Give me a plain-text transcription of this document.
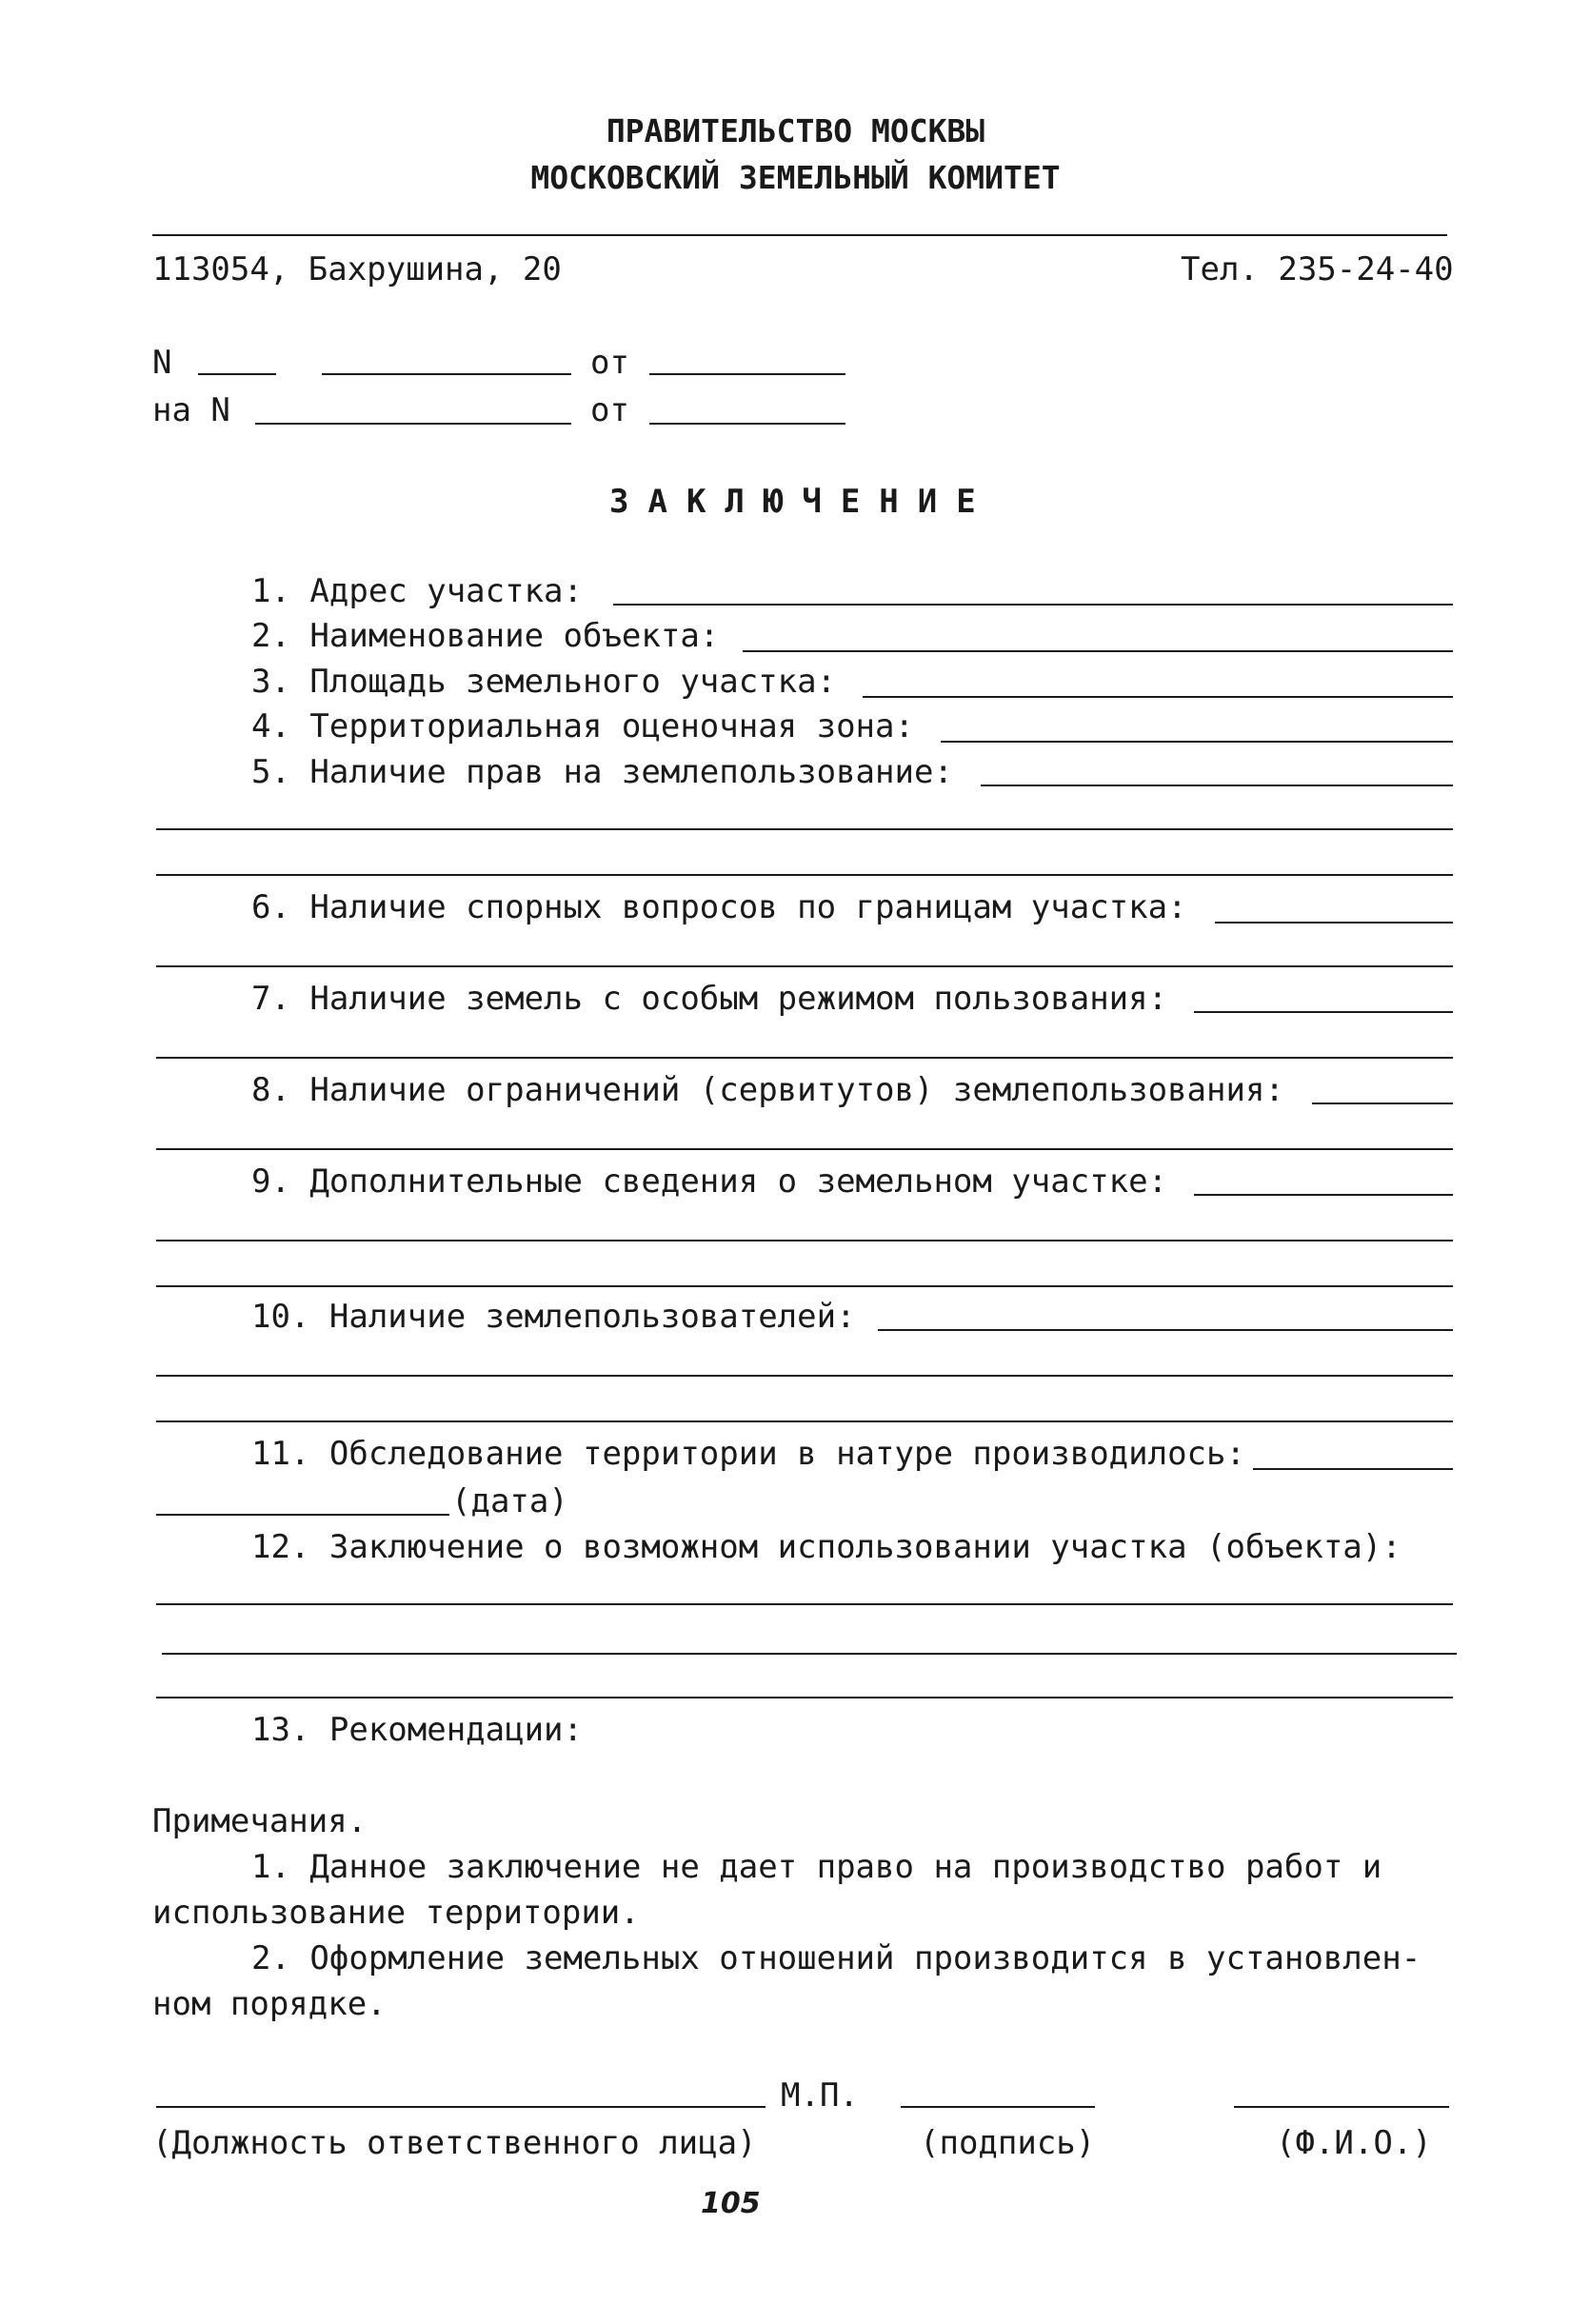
ПРАВИТЕЛЬСТВО МОСКВЫ
МОСКОВСКИЙ ЗЕМЕЛЬНЫЙ КОМИТЕТ
113054, Бахрушина, 20	Тел. 235-24-40
N	от
на N	от
ЗАКЛЮЧЕНИЕ
1. Адрес участка:
2. Наименование объекта:
3. Площадь земельного участка:
4. Территориальная оценочная зона:
5. Наличие прав на землепользование:
6. Наличие спорных вопросов по границам участка:
7. Наличие земель с особым режимом пользования:
8. Наличие ограничений (сервитутов) землепользования:
9. Дополнительные сведения о земельном участке:
10. Наличие землепользователей:
11. Обследование территории в натуре производилось:
(дата)
12. Заключение о возможном использовании участка (объекта):
13. Рекомендации:
Примечания.
1. Данное заключение не дает право на производство работ и
использование территории.
2. Оформление земельных отношений производится в установлен-
ном порядке.
М.П.
(Должность ответственного лица)	(подпись)	(Ф.И.О.)
105
